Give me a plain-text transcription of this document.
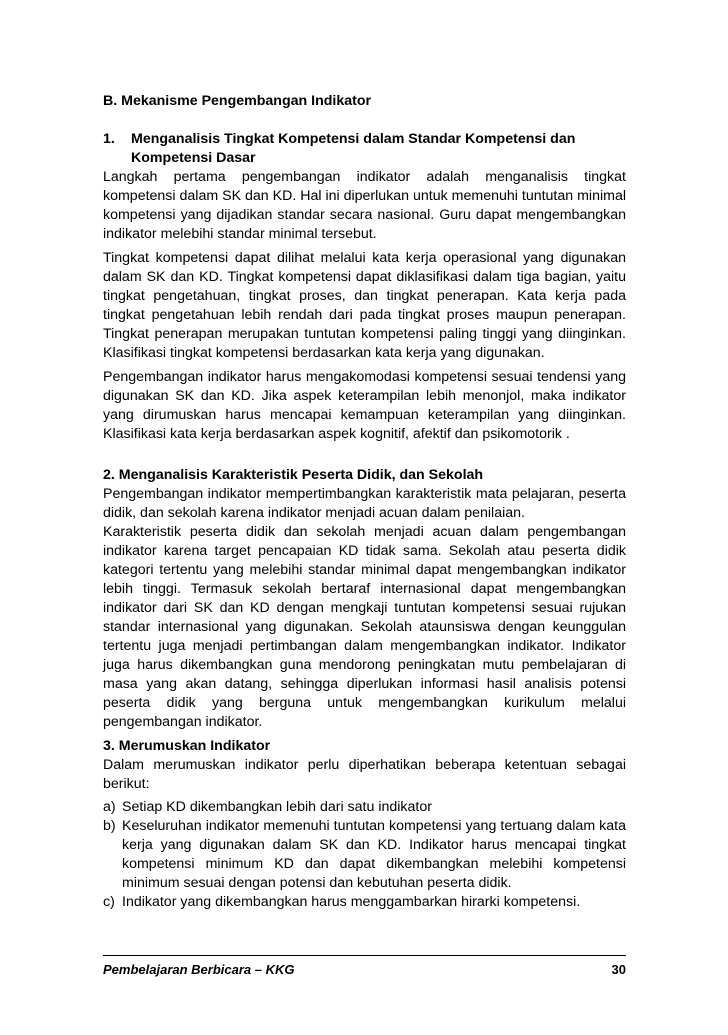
B. Mekanisme Pengembangan Indikator

1.	Menganalisis Tingkat Kompetensi dalam Standar Kompetensi dan Kompetensi Dasar

Langkah pertama pengembangan indikator adalah menganalisis tingkat kompetensi dalam SK dan KD. Hal ini diperlukan untuk memenuhi tuntutan minimal kompetensi yang dijadikan standar secara nasional. Guru dapat mengembangkan indikator melebihi standar minimal tersebut.

Tingkat kompetensi dapat dilihat melalui kata kerja operasional yang digunakan dalam SK dan KD. Tingkat kompetensi dapat diklasifikasi dalam tiga bagian, yaitu tingkat pengetahuan, tingkat proses, dan tingkat penerapan. Kata kerja pada tingkat pengetahuan lebih rendah dari pada tingkat proses maupun penerapan. Tingkat penerapan merupakan tuntutan kompetensi paling tinggi yang diinginkan. Klasifikasi tingkat kompetensi berdasarkan kata kerja yang digunakan.

Pengembangan indikator harus mengakomodasi kompetensi sesuai tendensi yang digunakan SK dan KD. Jika aspek keterampilan lebih menonjol, maka indikator yang dirumuskan harus mencapai kemampuan keterampilan yang diinginkan. Klasifikasi kata kerja berdasarkan aspek kognitif, afektif dan psikomotorik .

2. Menganalisis Karakteristik Peserta Didik, dan Sekolah

Pengembangan indikator mempertimbangkan karakteristik mata pelajaran, peserta didik, dan sekolah karena indikator menjadi acuan dalam penilaian.

Karakteristik peserta didik dan sekolah menjadi acuan dalam pengembangan indikator karena target pencapaian KD tidak sama. Sekolah atau peserta didik kategori tertentu yang melebihi standar minimal dapat mengembangkan indikator lebih tinggi. Termasuk sekolah bertaraf internasional dapat mengembangkan indikator dari SK dan KD dengan mengkaji tuntutan kompetensi sesuai rujukan standar internasional yang digunakan. Sekolah ataunsiswa dengan keunggulan tertentu juga menjadi pertimbangan dalam mengembangkan indikator. Indikator juga harus dikembangkan guna mendorong peningkatan mutu pembelajaran di masa yang akan datang, sehingga diperlukan informasi hasil analisis potensi peserta didik yang berguna untuk mengembangkan kurikulum melalui pengembangan indikator.

3. Merumuskan Indikator

Dalam merumuskan indikator perlu diperhatikan beberapa ketentuan sebagai berikut:

a) Setiap KD dikembangkan lebih dari satu indikator
b) Keseluruhan indikator memenuhi tuntutan kompetensi yang tertuang dalam kata kerja yang digunakan dalam SK dan KD. Indikator harus mencapai tingkat kompetensi minimum KD dan dapat dikembangkan melebihi kompetensi minimum sesuai dengan potensi dan kebutuhan peserta didik.
c) Indikator yang dikembangkan harus menggambarkan hirarki kompetensi.
Pembelajaran Berbicara – KKG	30
